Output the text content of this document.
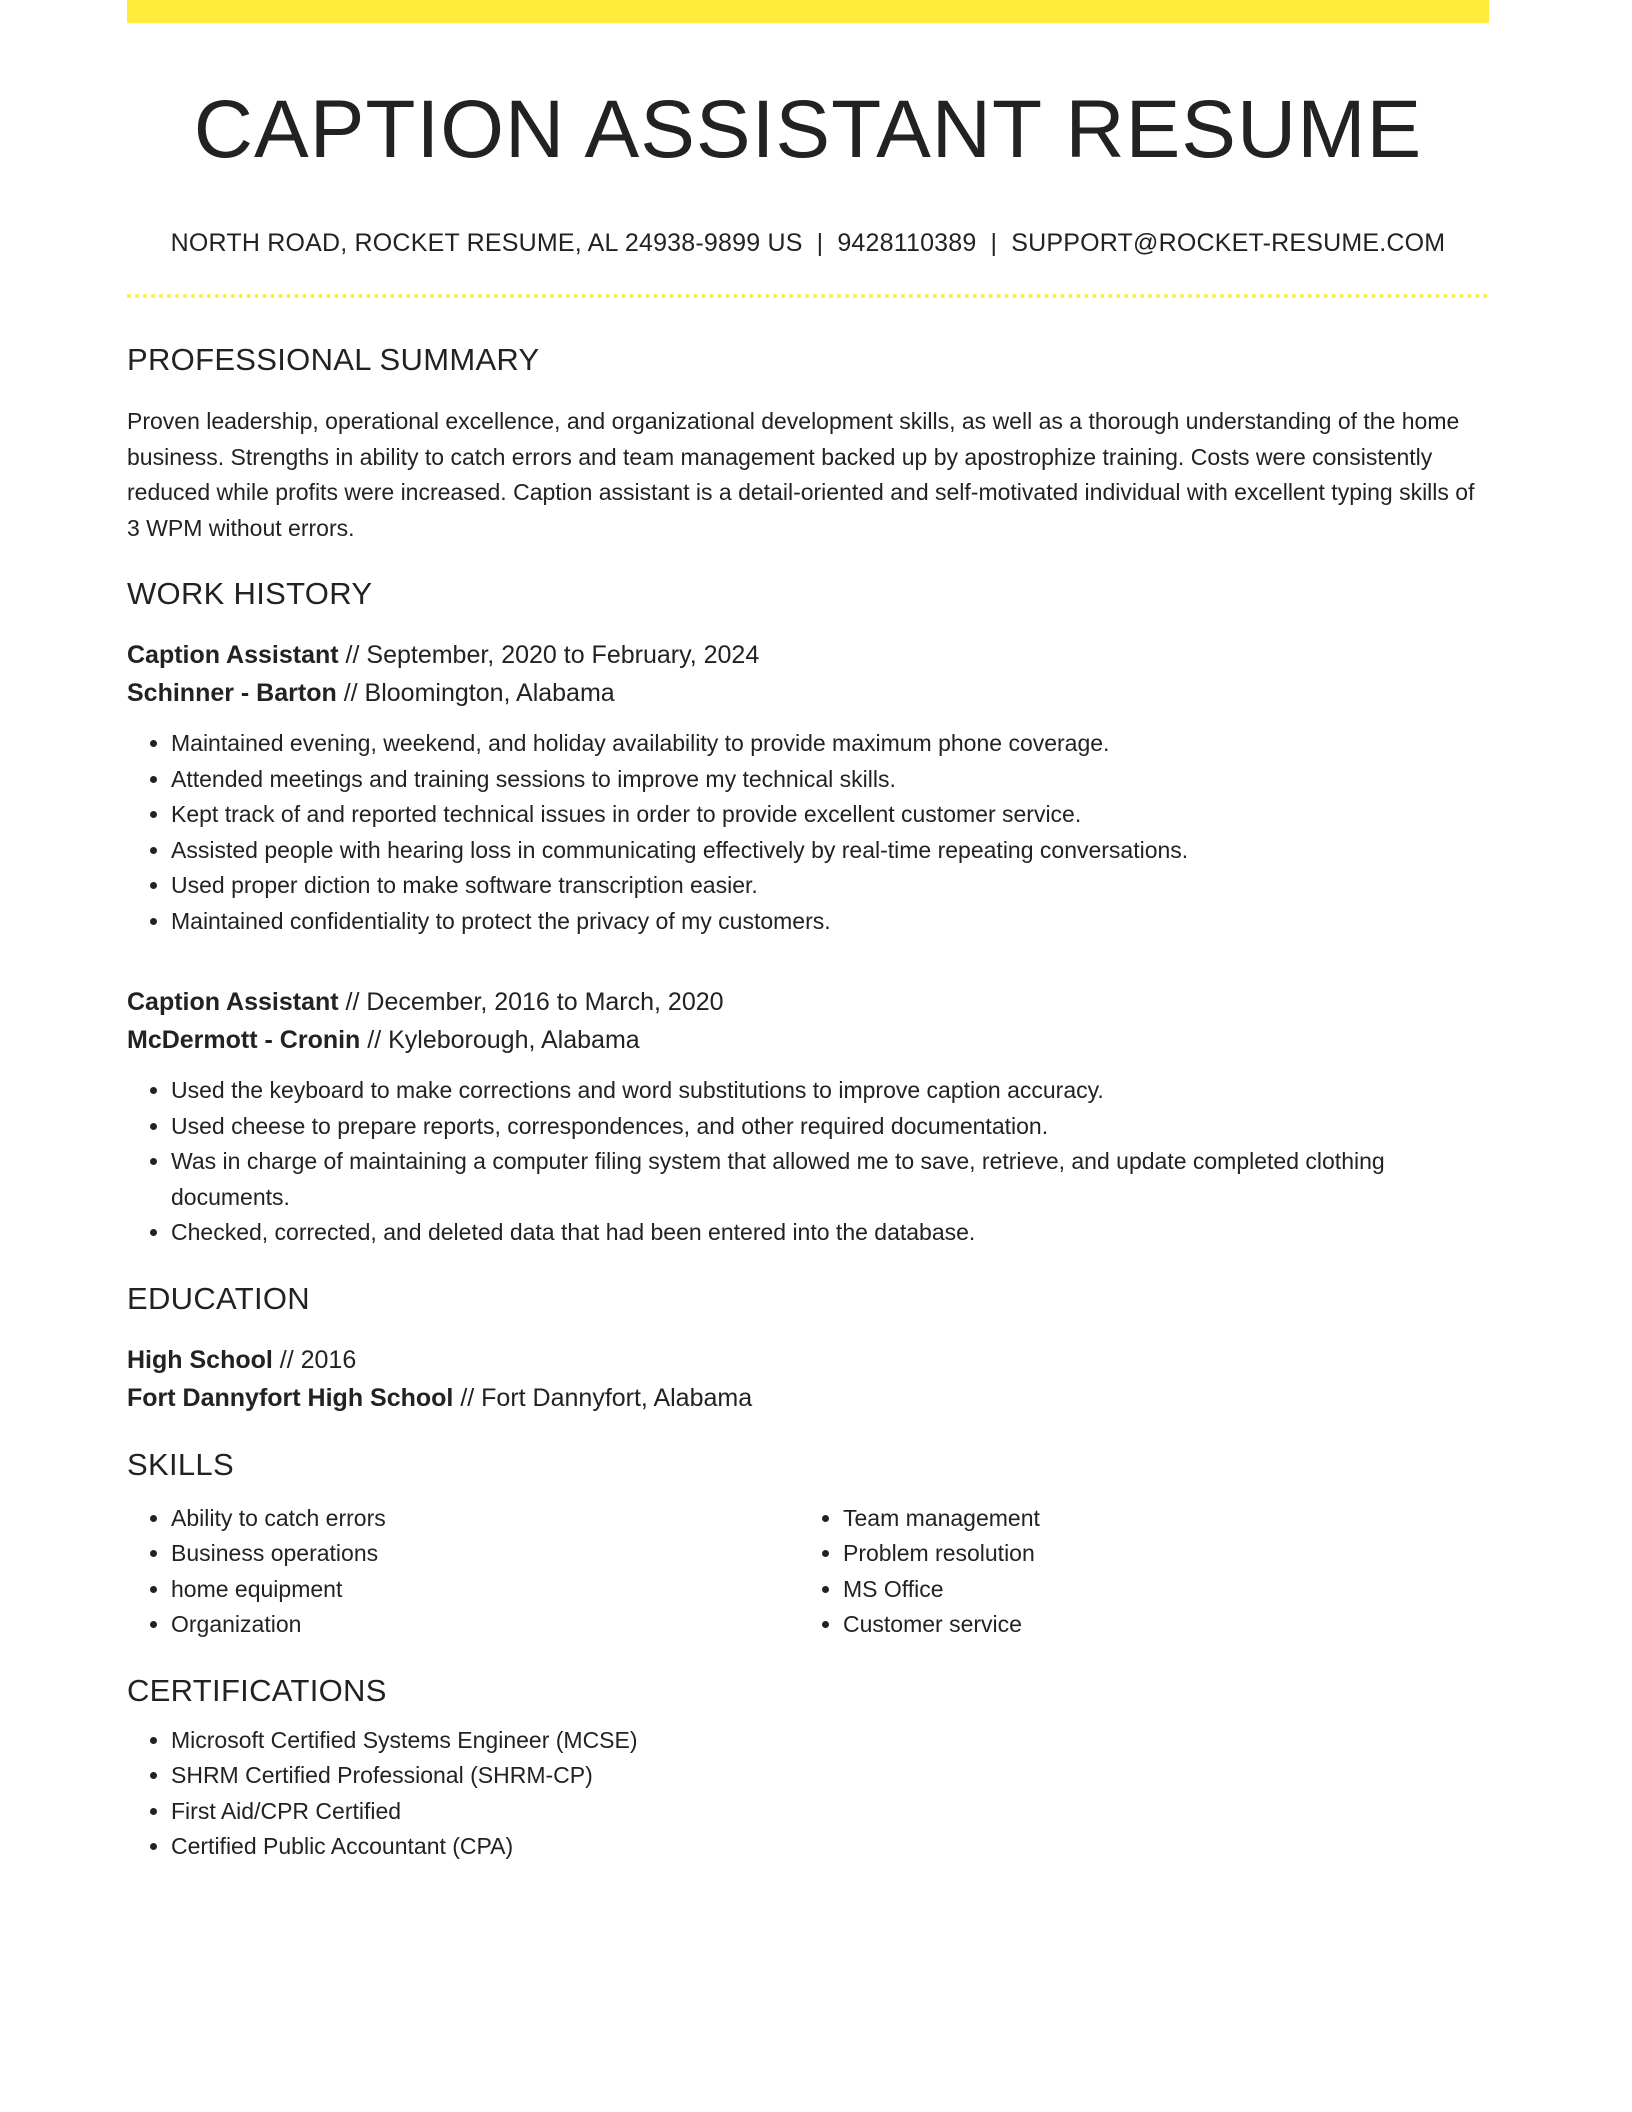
CAPTION ASSISTANT RESUME
NORTH ROAD, ROCKET RESUME, AL 24938-9899 US | 9428110389 | SUPPORT@ROCKET-RESUME.COM
PROFESSIONAL SUMMARY

Proven leadership, operational excellence, and organizational development skills, as well as a thorough understanding of the home business. Strengths in ability to catch errors and team management backed up by apostrophize training. Costs were consistently reduced while profits were increased. Caption assistant is a detail-oriented and self-motivated individual with excellent typing skills of 3 WPM without errors.

WORK HISTORY
Caption Assistant // September, 2020 to February, 2024
Schinner - Barton // Bloomington, Alabama
• Maintained evening, weekend, and holiday availability to provide maximum phone coverage.
• Attended meetings and training sessions to improve my technical skills.
• Kept track of and reported technical issues in order to provide excellent customer service.
• Assisted people with hearing loss in communicating effectively by real-time repeating conversations.
• Used proper diction to make software transcription easier.
• Maintained confidentiality to protect the privacy of my customers.
Caption Assistant // December, 2016 to March, 2020
McDermott - Cronin // Kyleborough, Alabama
• Used the keyboard to make corrections and word substitutions to improve caption accuracy.
• Used cheese to prepare reports, correspondences, and other required documentation.
• Was in charge of maintaining a computer filing system that allowed me to save, retrieve, and update completed clothing documents.
• Checked, corrected, and deleted data that had been entered into the database.
EDUCATION
High School // 2016
Fort Dannyfort High School // Fort Dannyfort, Alabama
SKILLS
• Ability to catch errors
• Business operations
• home equipment
• Organization
• Team management
• Problem resolution
• MS Office
• Customer service
CERTIFICATIONS
• Microsoft Certified Systems Engineer (MCSE)
• SHRM Certified Professional (SHRM-CP)
• First Aid/CPR Certified
• Certified Public Accountant (CPA)
